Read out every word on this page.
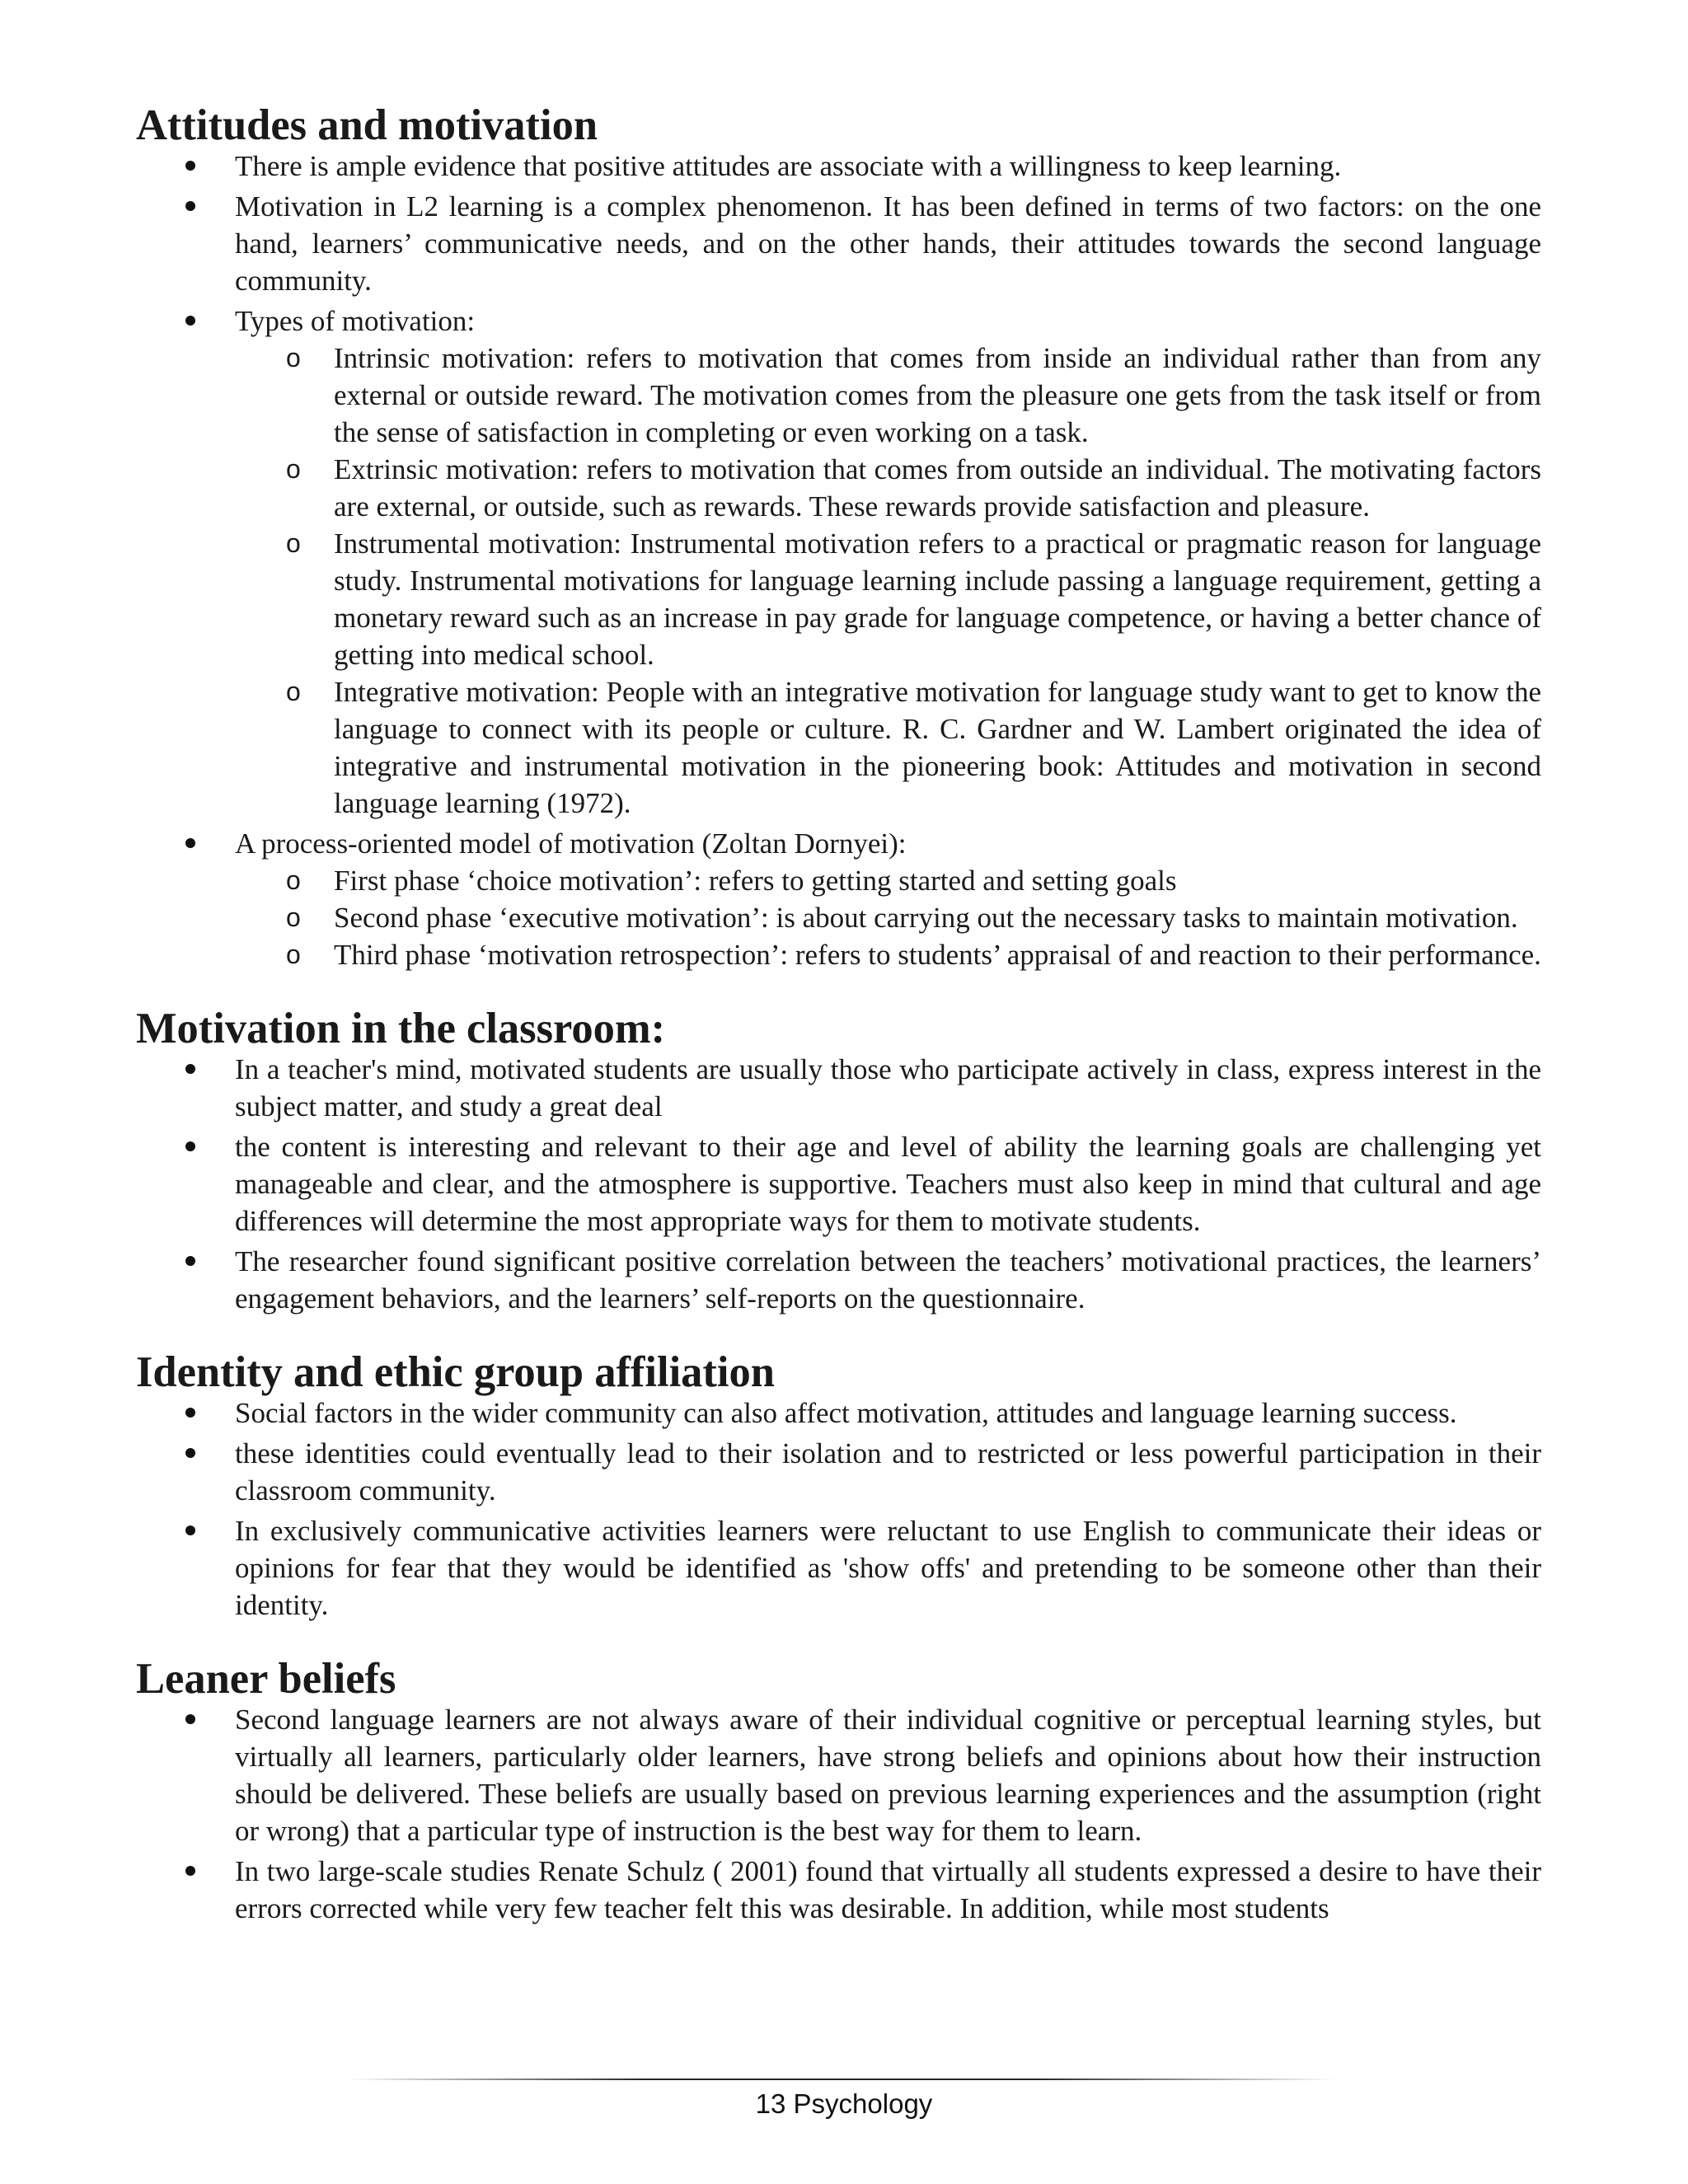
Attitudes and motivation
There is ample evidence that positive attitudes are associate with a willingness to keep learning.
Motivation in L2 learning is a complex phenomenon. It has been defined in terms of two factors: on the one hand, learners’ communicative needs, and on the other hands, their attitudes towards the second language community.
Types of motivation:
o Intrinsic motivation: refers to motivation that comes from inside an individual rather than from any external or outside reward. The motivation comes from the pleasure one gets from the task itself or from the sense of satisfaction in completing or even working on a task.
o Extrinsic motivation: refers to motivation that comes from outside an individual. The motivating factors are external, or outside, such as rewards. These rewards provide satisfaction and pleasure.
o Instrumental motivation: Instrumental motivation refers to a practical or pragmatic reason for language study. Instrumental motivations for language learning include passing a language requirement, getting a monetary reward such as an increase in pay grade for language competence, or having a better chance of getting into medical school.
o Integrative motivation: People with an integrative motivation for language study want to get to know the language to connect with its people or culture. R. C. Gardner and W. Lambert originated the idea of integrative and instrumental motivation in the pioneering book: Attitudes and motivation in second language learning (1972).
A process-oriented model of motivation (Zoltan Dornyei):
o First phase ‘choice motivation’: refers to getting started and setting goals
o Second phase ‘executive motivation’: is about carrying out the necessary tasks to maintain motivation.
o Third phase ‘motivation retrospection’: refers to students’ appraisal of and reaction to their performance.
Motivation in the classroom:
In a teacher's mind, motivated students are usually those who participate actively in class, express interest in the subject matter, and study a great deal
the content is interesting and relevant to their age and level of ability the learning goals are challenging yet manageable and clear, and the atmosphere is supportive. Teachers must also keep in mind that cultural and age differences will determine the most appropriate ways for them to motivate students.
The researcher found significant positive correlation between the teachers’ motivational practices, the learners’ engagement behaviors, and the learners’ self-reports on the questionnaire.
Identity and ethic group affiliation
Social factors in the wider community can also affect motivation, attitudes and language learning success.
these identities could eventually lead to their isolation and to restricted or less powerful participation in their classroom community.
In exclusively communicative activities learners were reluctant to use English to communicate their ideas or opinions for fear that they would be identified as 'show offs' and pretending to be someone other than their identity.
Leaner beliefs
Second language learners are not always aware of their individual cognitive or perceptual learning styles, but virtually all learners, particularly older learners, have strong beliefs and opinions about how their instruction should be delivered. These beliefs are usually based on previous learning experiences and the assumption (right or wrong) that a particular type of instruction is the best way for them to learn.
In two large-scale studies Renate Schulz ( 2001) found that virtually all students expressed a desire to have their errors corrected while very few teacher felt this was desirable. In addition, while most students
13 Psychology
